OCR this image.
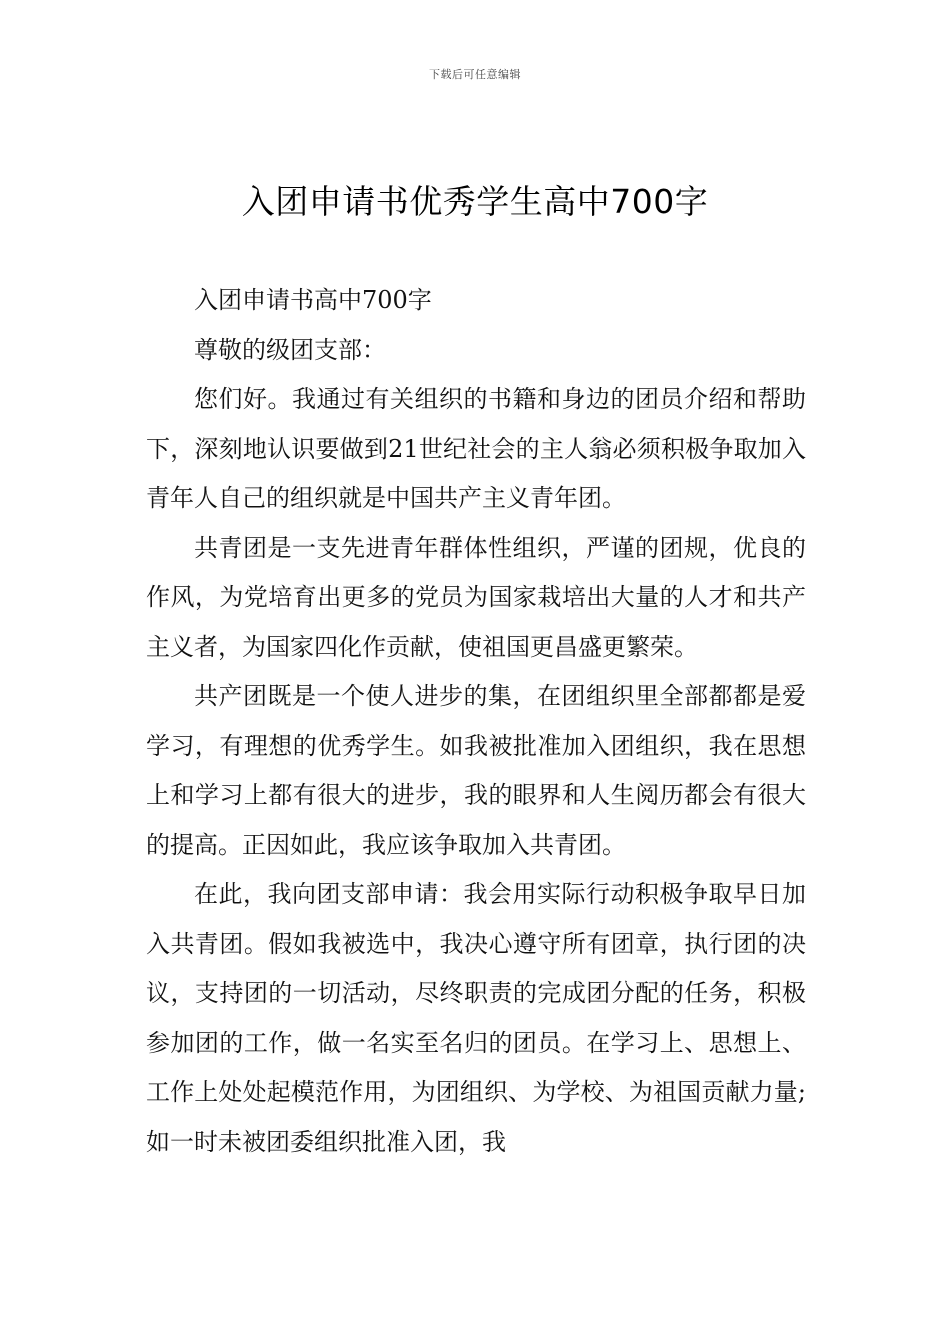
下载后可任意编辑
入团申请书优秀学生高中700字

入团申请书高中700字

尊敬的级团支部：

您们好。我通过有关组织的书籍和身边的团员介绍和帮助下，深刻地认识要做到21世纪社会的主人翁必须积极争取加入青年人自己的组织就是中国共产主义青年团。

共青团是一支先进青年群体性组织，严谨的团规，优良的作风，为党培育出更多的党员为国家栽培出大量的人才和共产主义者，为国家四化作贡献，使祖国更昌盛更繁荣。

共产团既是一个使人进步的集，在团组织里全部都都是爱学习，有理想的优秀学生。如我被批准加入团组织，我在思想上和学习上都有很大的进步，我的眼界和人生阅历都会有很大的提高。正因如此，我应该争取加入共青团。

在此，我向团支部申请：我会用实际行动积极争取早日加入共青团。假如我被选中，我决心遵守所有团章，执行团的决议，支持团的一切活动，尽终职责的完成团分配的任务，积极参加团的工作，做一名实至名归的团员。在学习上、思想上、工作上处处起模范作用，为团组织、为学校、为祖国贡献力量;如一时未被团委组织批准入团，我
